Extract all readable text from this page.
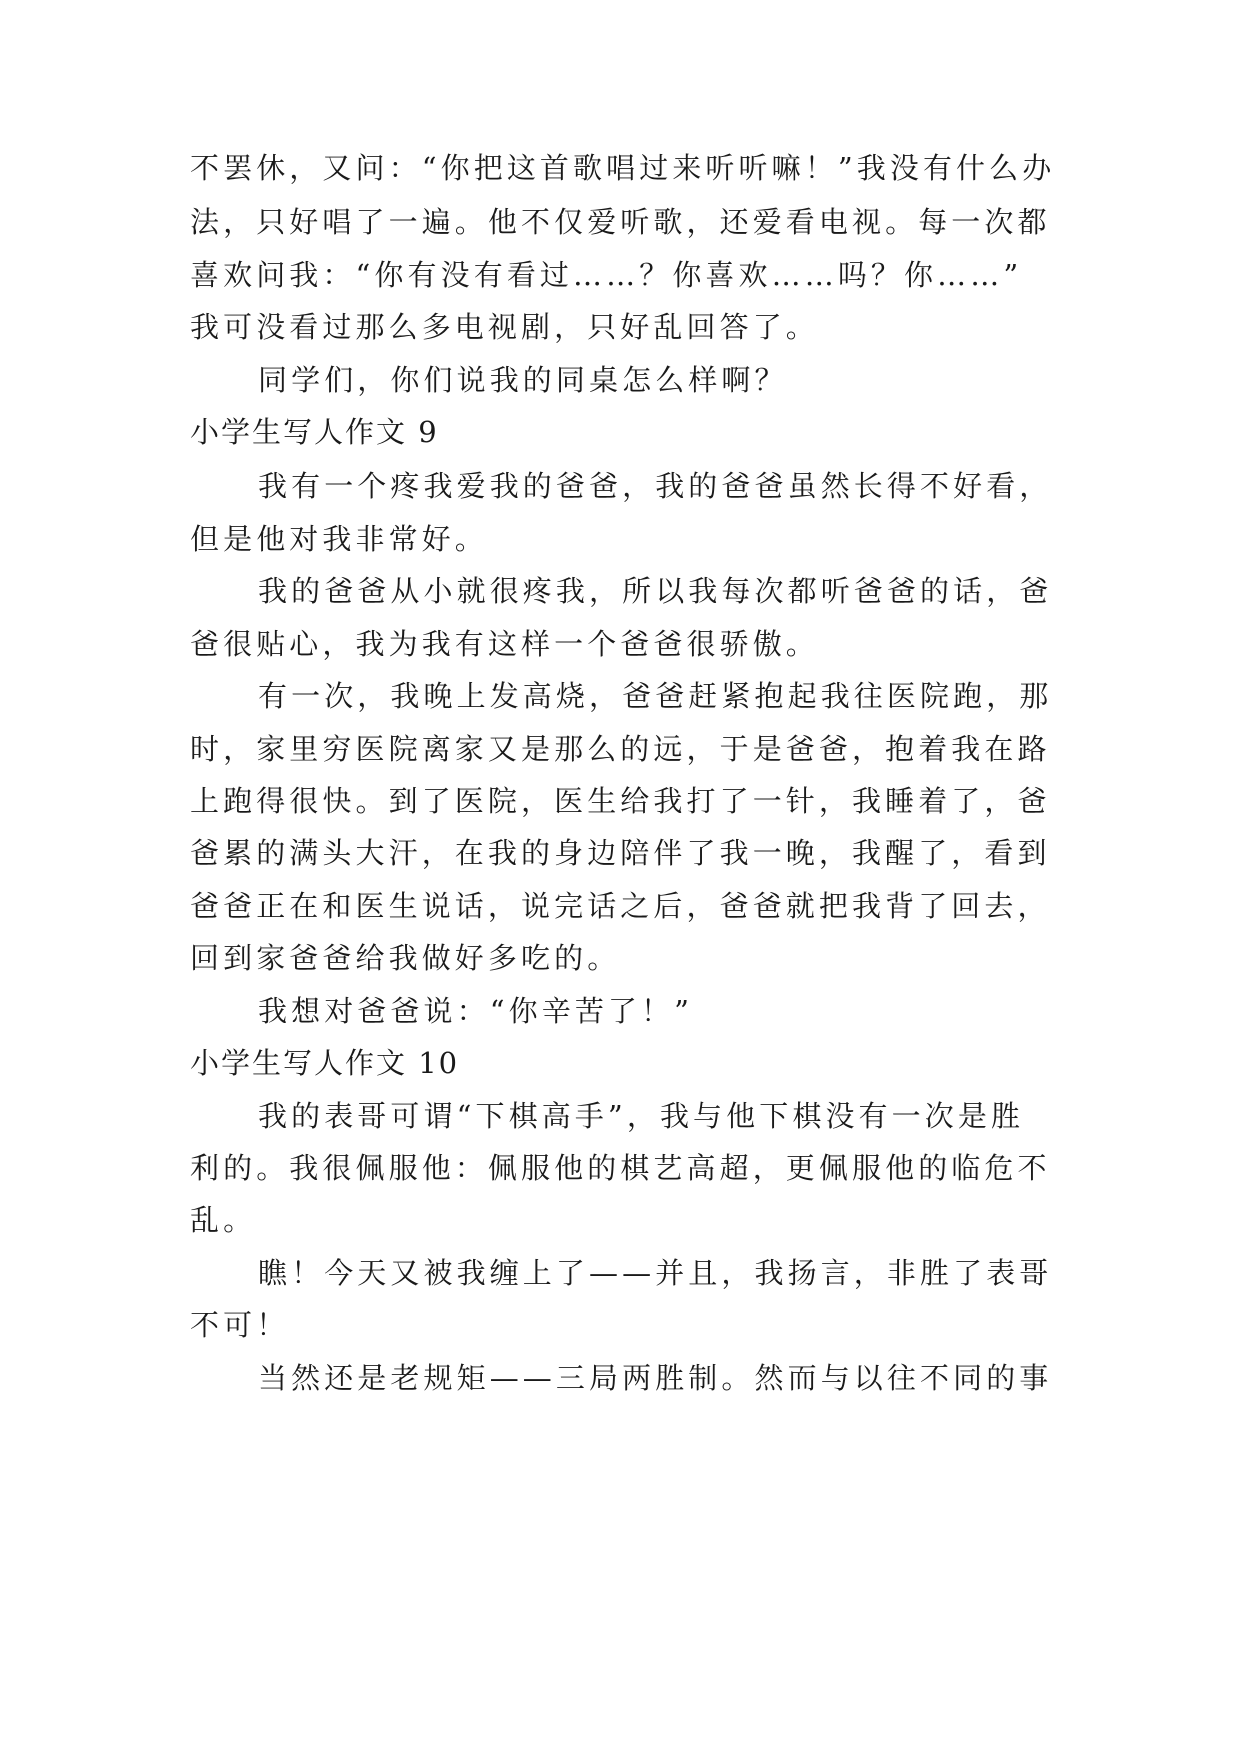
不罢休，又问：“你把这首歌唱过来听听嘛！”我没有什么办
法，只好唱了一遍。他不仅爱听歌，还爱看电视。每一次都
喜欢问我：“你有没有看过……？你喜欢……吗？你……”
我可没看过那么多电视剧，只好乱回答了。
同学们，你们说我的同桌怎么样啊？
小学生写人作文 9
我有一个疼我爱我的爸爸，我的爸爸虽然长得不好看，
但是他对我非常好。
我的爸爸从小就很疼我，所以我每次都听爸爸的话，爸
爸很贴心，我为我有这样一个爸爸很骄傲。
有一次，我晚上发高烧，爸爸赶紧抱起我往医院跑，那
时，家里穷医院离家又是那么的远，于是爸爸，抱着我在路
上跑得很快。到了医院，医生给我打了一针，我睡着了，爸
爸累的满头大汗，在我的身边陪伴了我一晚，我醒了，看到
爸爸正在和医生说话，说完话之后，爸爸就把我背了回去，
回到家爸爸给我做好多吃的。
我想对爸爸说：“你辛苦了！”
小学生写人作文 10
我的表哥可谓“下棋高手”，我与他下棋没有一次是胜
利的。我很佩服他：佩服他的棋艺高超，更佩服他的临危不
乱。
瞧！今天又被我缠上了——并且，我扬言，非胜了表哥
不可！
当然还是老规矩——三局两胜制。然而与以往不同的事
